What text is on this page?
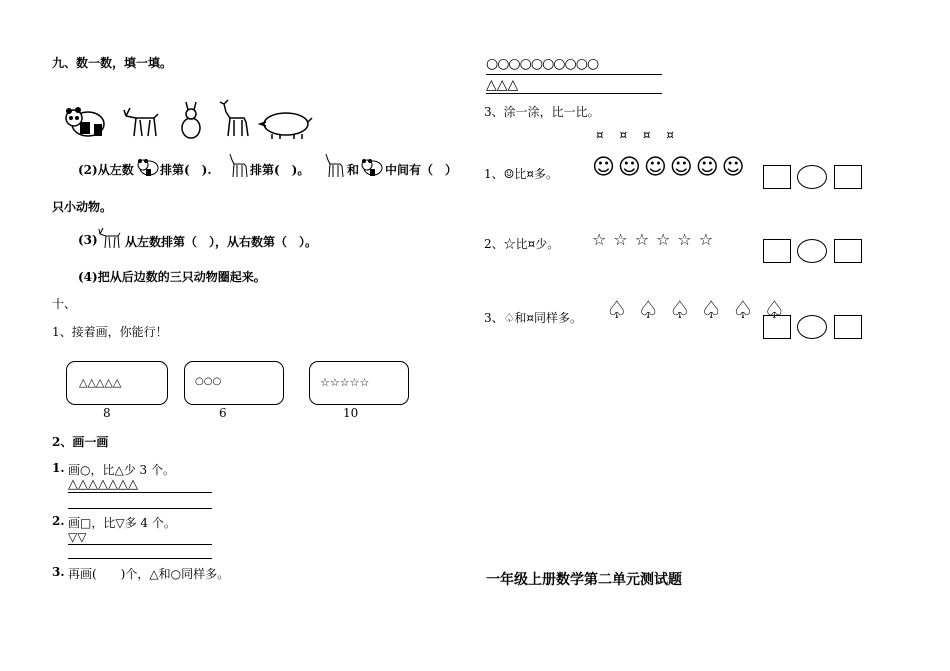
九、数一数，填一填。
(2)从左数 排第(　).	排第(　)。	和 中间有（　）
只小动物。
(3) 从左数排第（　），从右数第（　）。
(4)把从后边数的三只动物圈起来。
十、
1、接着画，你能行！
△△△△△
8
○○○
6
☆☆☆☆☆
10
2、画一画
1. 画○，比△少 3 个。
△△△△△△△
2. 画□，比▽多 4 个。
▽▽
3. 再画(　　)个，△和○同样多。
○○○○○○○○○○
△△△
3、涂一涂，比一比。
¤ ¤ ¤ ¤
1、☺比¤多。 ☺☺☺☺☺☺
2、☆比¤少。 ☆☆☆☆☆☆
3、♤和¤同样多。 ♤♤♤♤♤♤
一年级上册数学第二单元测试题
